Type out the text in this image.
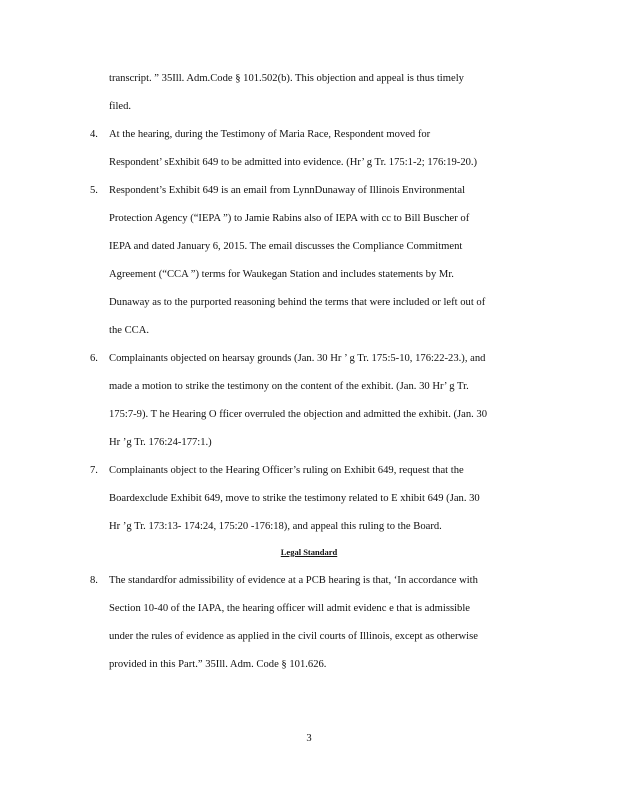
transcript. ” 35Ill. Adm.Code § 101.502(b). This objection and appeal is thus timely
filed.
4. At the hearing, during the Testimony of Maria Race, Respondent moved for
Respondent’ sExhibit 649 to be admitted into evidence. (Hr’ g Tr. 175:1-2; 176:19-20.)
5. Respondent’s Exhibit 649 is an email from LynnDunaway of Illinois Environmental
Protection Agency (“IEPA ”) to Jamie Rabins also of IEPA with cc to Bill Buscher of
IEPA and dated January 6, 2015. The email discusses the Compliance Commitment
Agreement (“CCA ”) terms for Waukegan Station and includes statements by Mr.
Dunaway as to the purported reasoning behind the terms that were included or left out of
the CCA.
6. Complainants objected on hearsay grounds (Jan. 30 Hr ’ g Tr. 175:5-10, 176:22-23.), and
made a motion to strike the testimony on the content of the exhibit. (Jan. 30 Hr’ g Tr.
175:7-9). T he Hearing O fficer overruled the objection and admitted the exhibit. (Jan. 30
Hr ’g Tr. 176:24-177:1.)
7. Complainants object to the Hearing Officer’s ruling on Exhibit 649, request that the
Boardexclude Exhibit 649, move to strike the testimony related to E xhibit 649 (Jan. 30
Hr ’g Tr. 173:13- 174:24, 175:20 -176:18), and appeal this ruling to the Board.
Legal Standard
8. The standardfor admissibility of evidence at a PCB hearing is that, ‘In accordance with
Section 10-40 of the IAPA, the hearing officer will admit evidenc e that is admissible
under the rules of evidence as applied in the civil courts of Illinois, except as otherwise
provided in this Part.” 35Ill. Adm. Code § 101.626.
3
